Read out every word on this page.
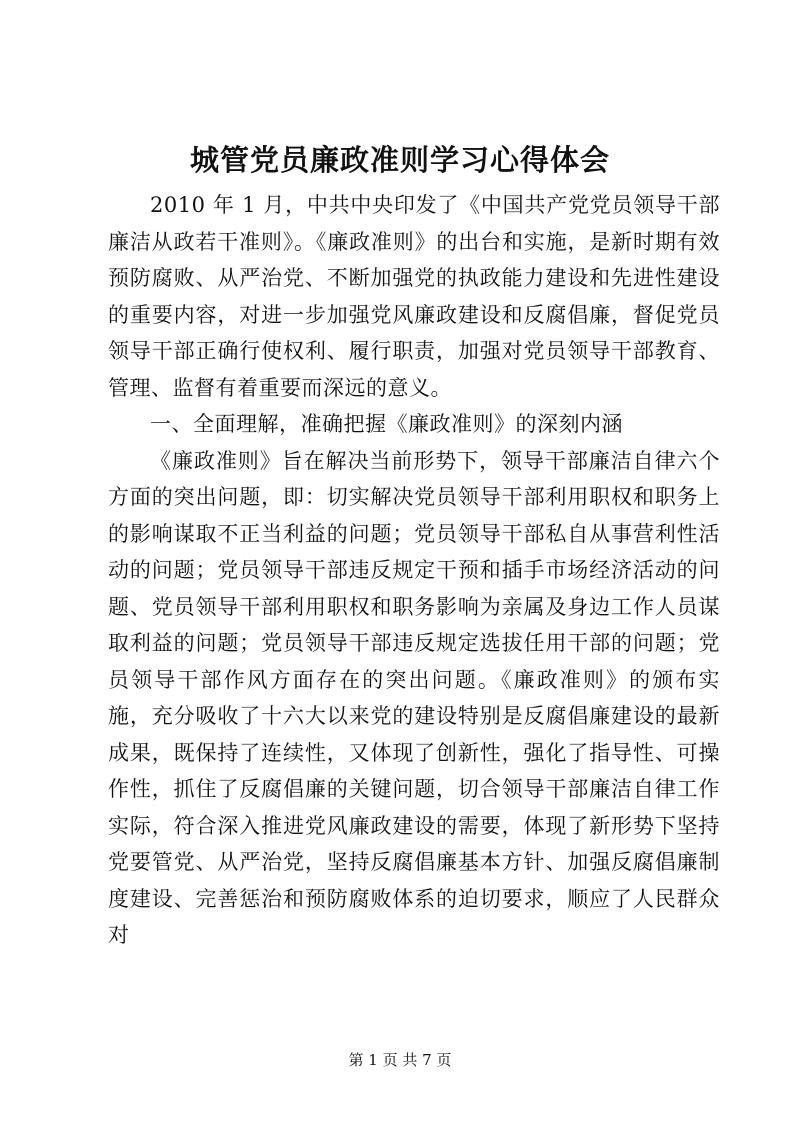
城管党员廉政准则学习心得体会

2010 年 1 月，中共中央印发了《中国共产党党员领导干部廉洁从政若干准则》。《廉政准则》的出台和实施，是新时期有效预防腐败、从严治党、不断加强党的执政能力建设和先进性建设的重要内容，对进一步加强党风廉政建设和反腐倡廉，督促党员领导干部正确行使权利、履行职责，加强对党员领导干部教育、管理、监督有着重要而深远的意义。

一、全面理解，准确把握《廉政准则》的深刻内涵

《廉政准则》旨在解决当前形势下，领导干部廉洁自律六个方面的突出问题，即：切实解决党员领导干部利用职权和职务上的影响谋取不正当利益的问题；党员领导干部私自从事营利性活动的问题；党员领导干部违反规定干预和插手市场经济活动的问题、党员领导干部利用职权和职务影响为亲属及身边工作人员谋取利益的问题；党员领导干部违反规定选拔任用干部的问题；党员领导干部作风方面存在的突出问题。《廉政准则》的颁布实施，充分吸收了十六大以来党的建设特别是反腐倡廉建设的最新成果，既保持了连续性，又体现了创新性，强化了指导性、可操作性，抓住了反腐倡廉的关键问题，切合领导干部廉洁自律工作实际，符合深入推进党风廉政建设的需要，体现了新形势下坚持党要管党、从严治党，坚持反腐倡廉基本方针、加强反腐倡廉制度建设、完善惩治和预防腐败体系的迫切要求，顺应了人民群众对

第 1 页 共 7 页
